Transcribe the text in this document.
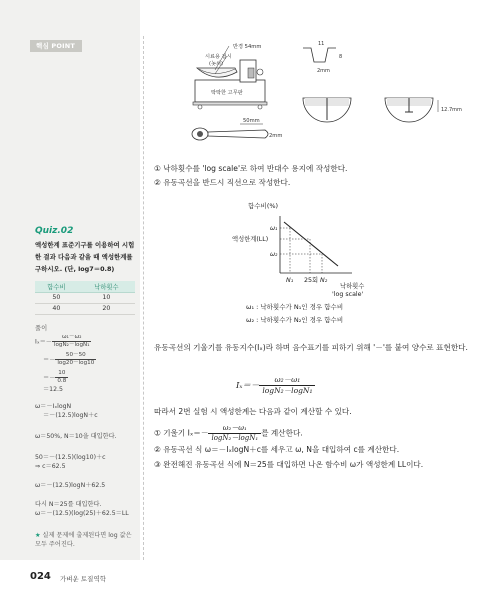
핵심 POINT
Quiz.02
액성한계 표준기구를 이용하여 시험한 결과 다음과 같을 때 액성한계를 구하시오. (단, log7＝0.8)
함수비	낙하횟수
50	10
40	20
풀이
$I_x=- \frac{\text{ω₁－ω₂}}{\text{logN₂－logN₁}}$
＝－ $\frac{50-50}{\log 20-\log 10}$
＝－ $\frac{10}{0.8}$
＝12.5
ω＝－IₓlogN
＝－(12.5)logN＋c
ω＝50%, N＝10을 대입한다.
50＝－(12.5)(log10)＋c
⇒ c＝62.5
ω＝－(12.5)logN＋62.5
다시 N＝25를 대입한다.
ω＝－(12.5)(log(25)＋62.5＝LL
★ 실제 문제에 출제된다면 log 값은 모두 주어진다.
반경 54mm
시료용 접시
(놋쇠)
딱딱한 고무판
50mm
2mm
11
8
2mm
12.7mm
① 낙하횟수를 'log scale'로 하여 반대수 용지에 작성한다.
② 유동곡선을 반드시 직선으로 작성한다.
함수비(%)
ω₁
액성한계(LL)
ω₂
N₁ 25회 N₂
낙하횟수
'log scale'
ω₁ : 낙하횟수가 N₁인 경우 함수비
ω₂ : 낙하횟수가 N₂인 경우 함수비
유동곡선의 기울기를 유동지수(Iₓ)라 하며 음수표기를 피하기 위해 '－'를 붙여 양수로 표현한다.
$I_x=- \frac{\text{ω₂－ω₁}}{\text{logN₂－logN₁}}$
따라서 2번 실험 시 액성한계는 다음과 같이 계산할 수 있다.
① 기울기 $I_x=- \frac{\text{ω₂－ω₁}}{\text{logN₂－logN₁}}$ 를 계산한다.
② 유동곡선 식 ω＝－IₓlogN＋c를 세우고 ω, N을 대입하여 c를 계산한다.
③ 완전해진 유동곡선 식에 N＝25를 대입하면 나온 함수비 ω가 액성한계 LL이다.
024 가벼운 토질역학
